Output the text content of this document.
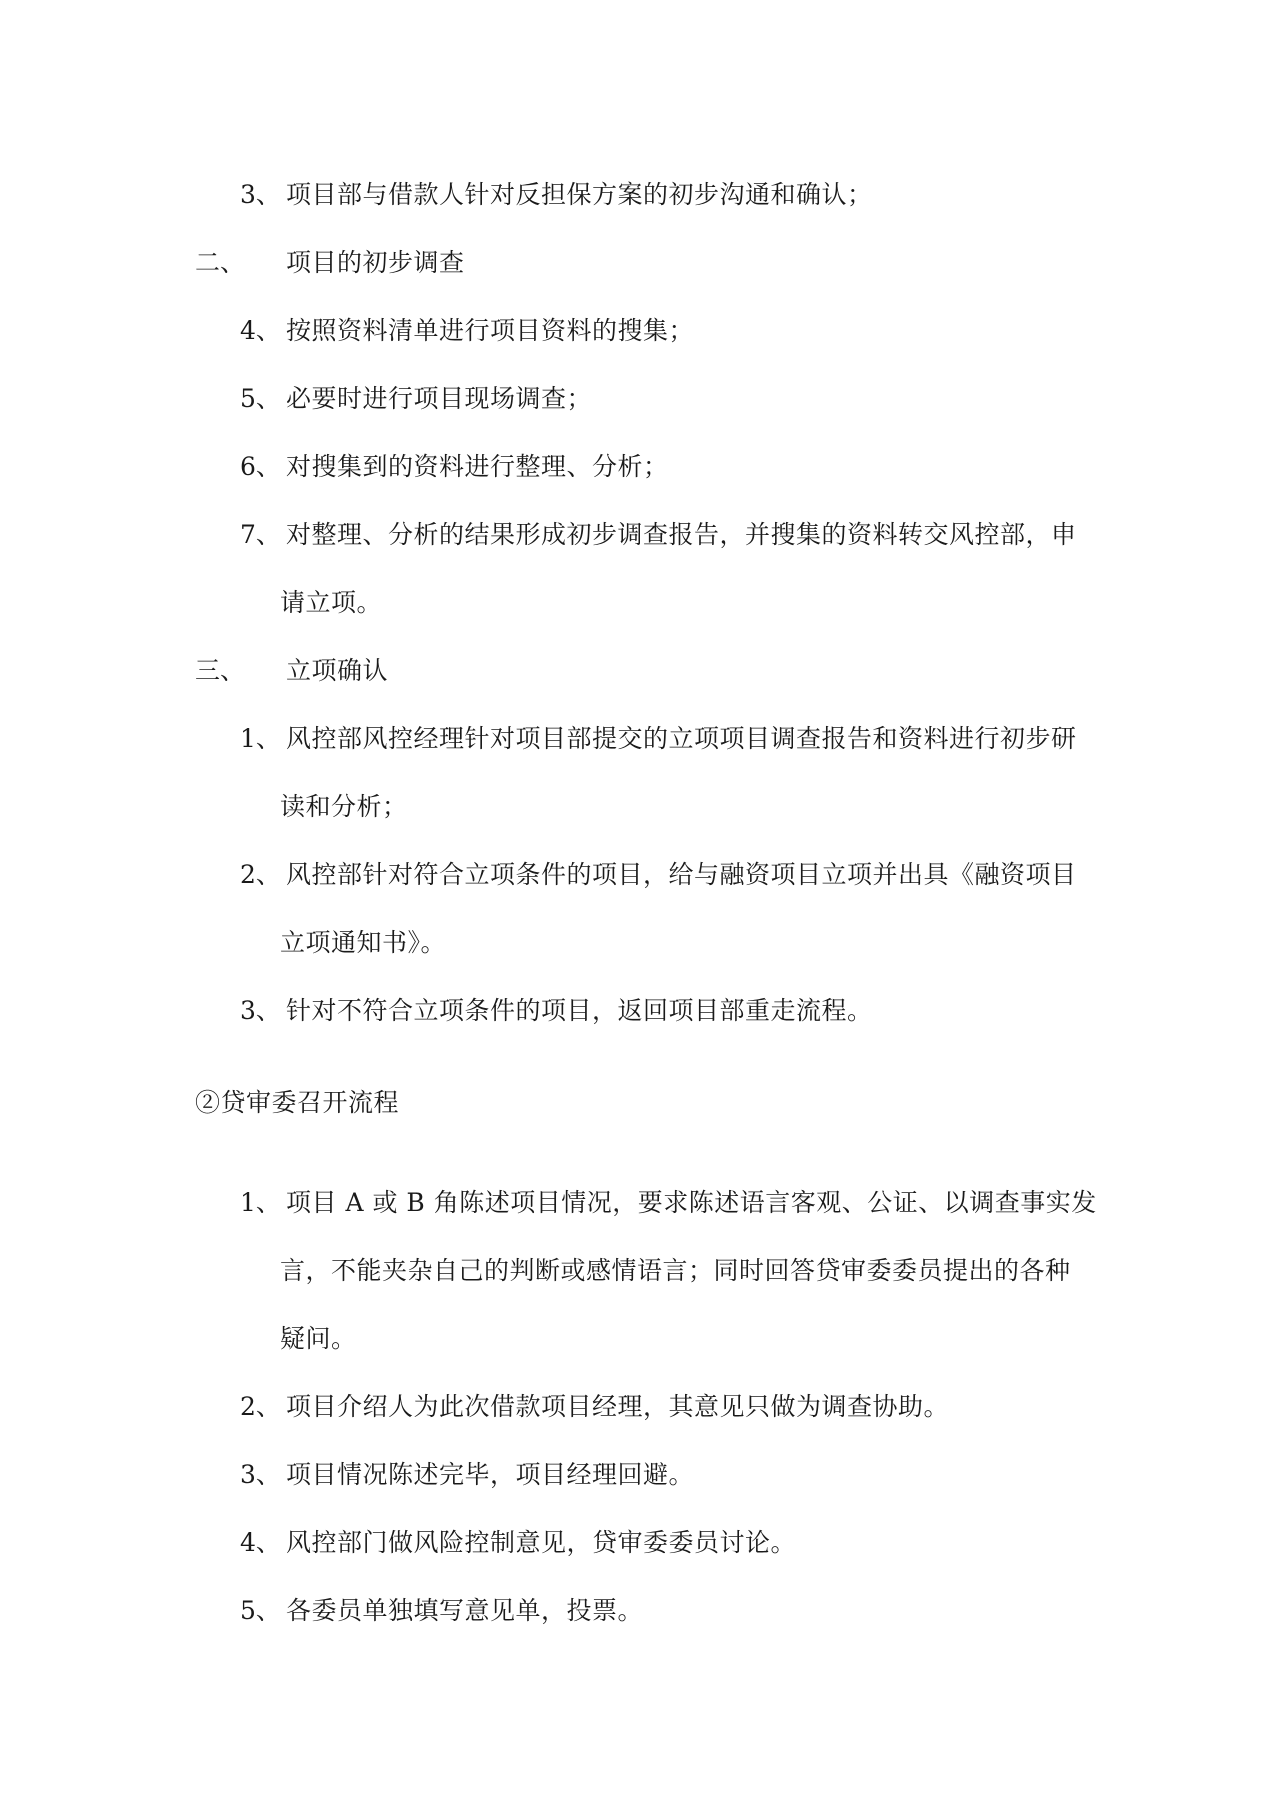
3、 项目部与借款人针对反担保方案的初步沟通和确认；
二、 项目的初步调查
4、 按照资料清单进行项目资料的搜集；
5、 必要时进行项目现场调查；
6、 对搜集到的资料进行整理、分析；
7、 对整理、分析的结果形成初步调查报告，并搜集的资料转交风控部，申
请立项。
三、 立项确认
1、 风控部风控经理针对项目部提交的立项项目调查报告和资料进行初步研
读和分析；
2、 风控部针对符合立项条件的项目，给与融资项目立项并出具《融资项目
立项通知书》。
3、 针对不符合立项条件的项目，返回项目部重走流程。
②贷审委召开流程
1、 项目 A 或 B 角陈述项目情况，要求陈述语言客观、公证、以调查事实发
言，不能夹杂自己的判断或感情语言；同时回答贷审委委员提出的各种
疑问。
2、 项目介绍人为此次借款项目经理，其意见只做为调查协助。
3、 项目情况陈述完毕，项目经理回避。
4、 风控部门做风险控制意见，贷审委委员讨论。
5、 各委员单独填写意见单，投票。
